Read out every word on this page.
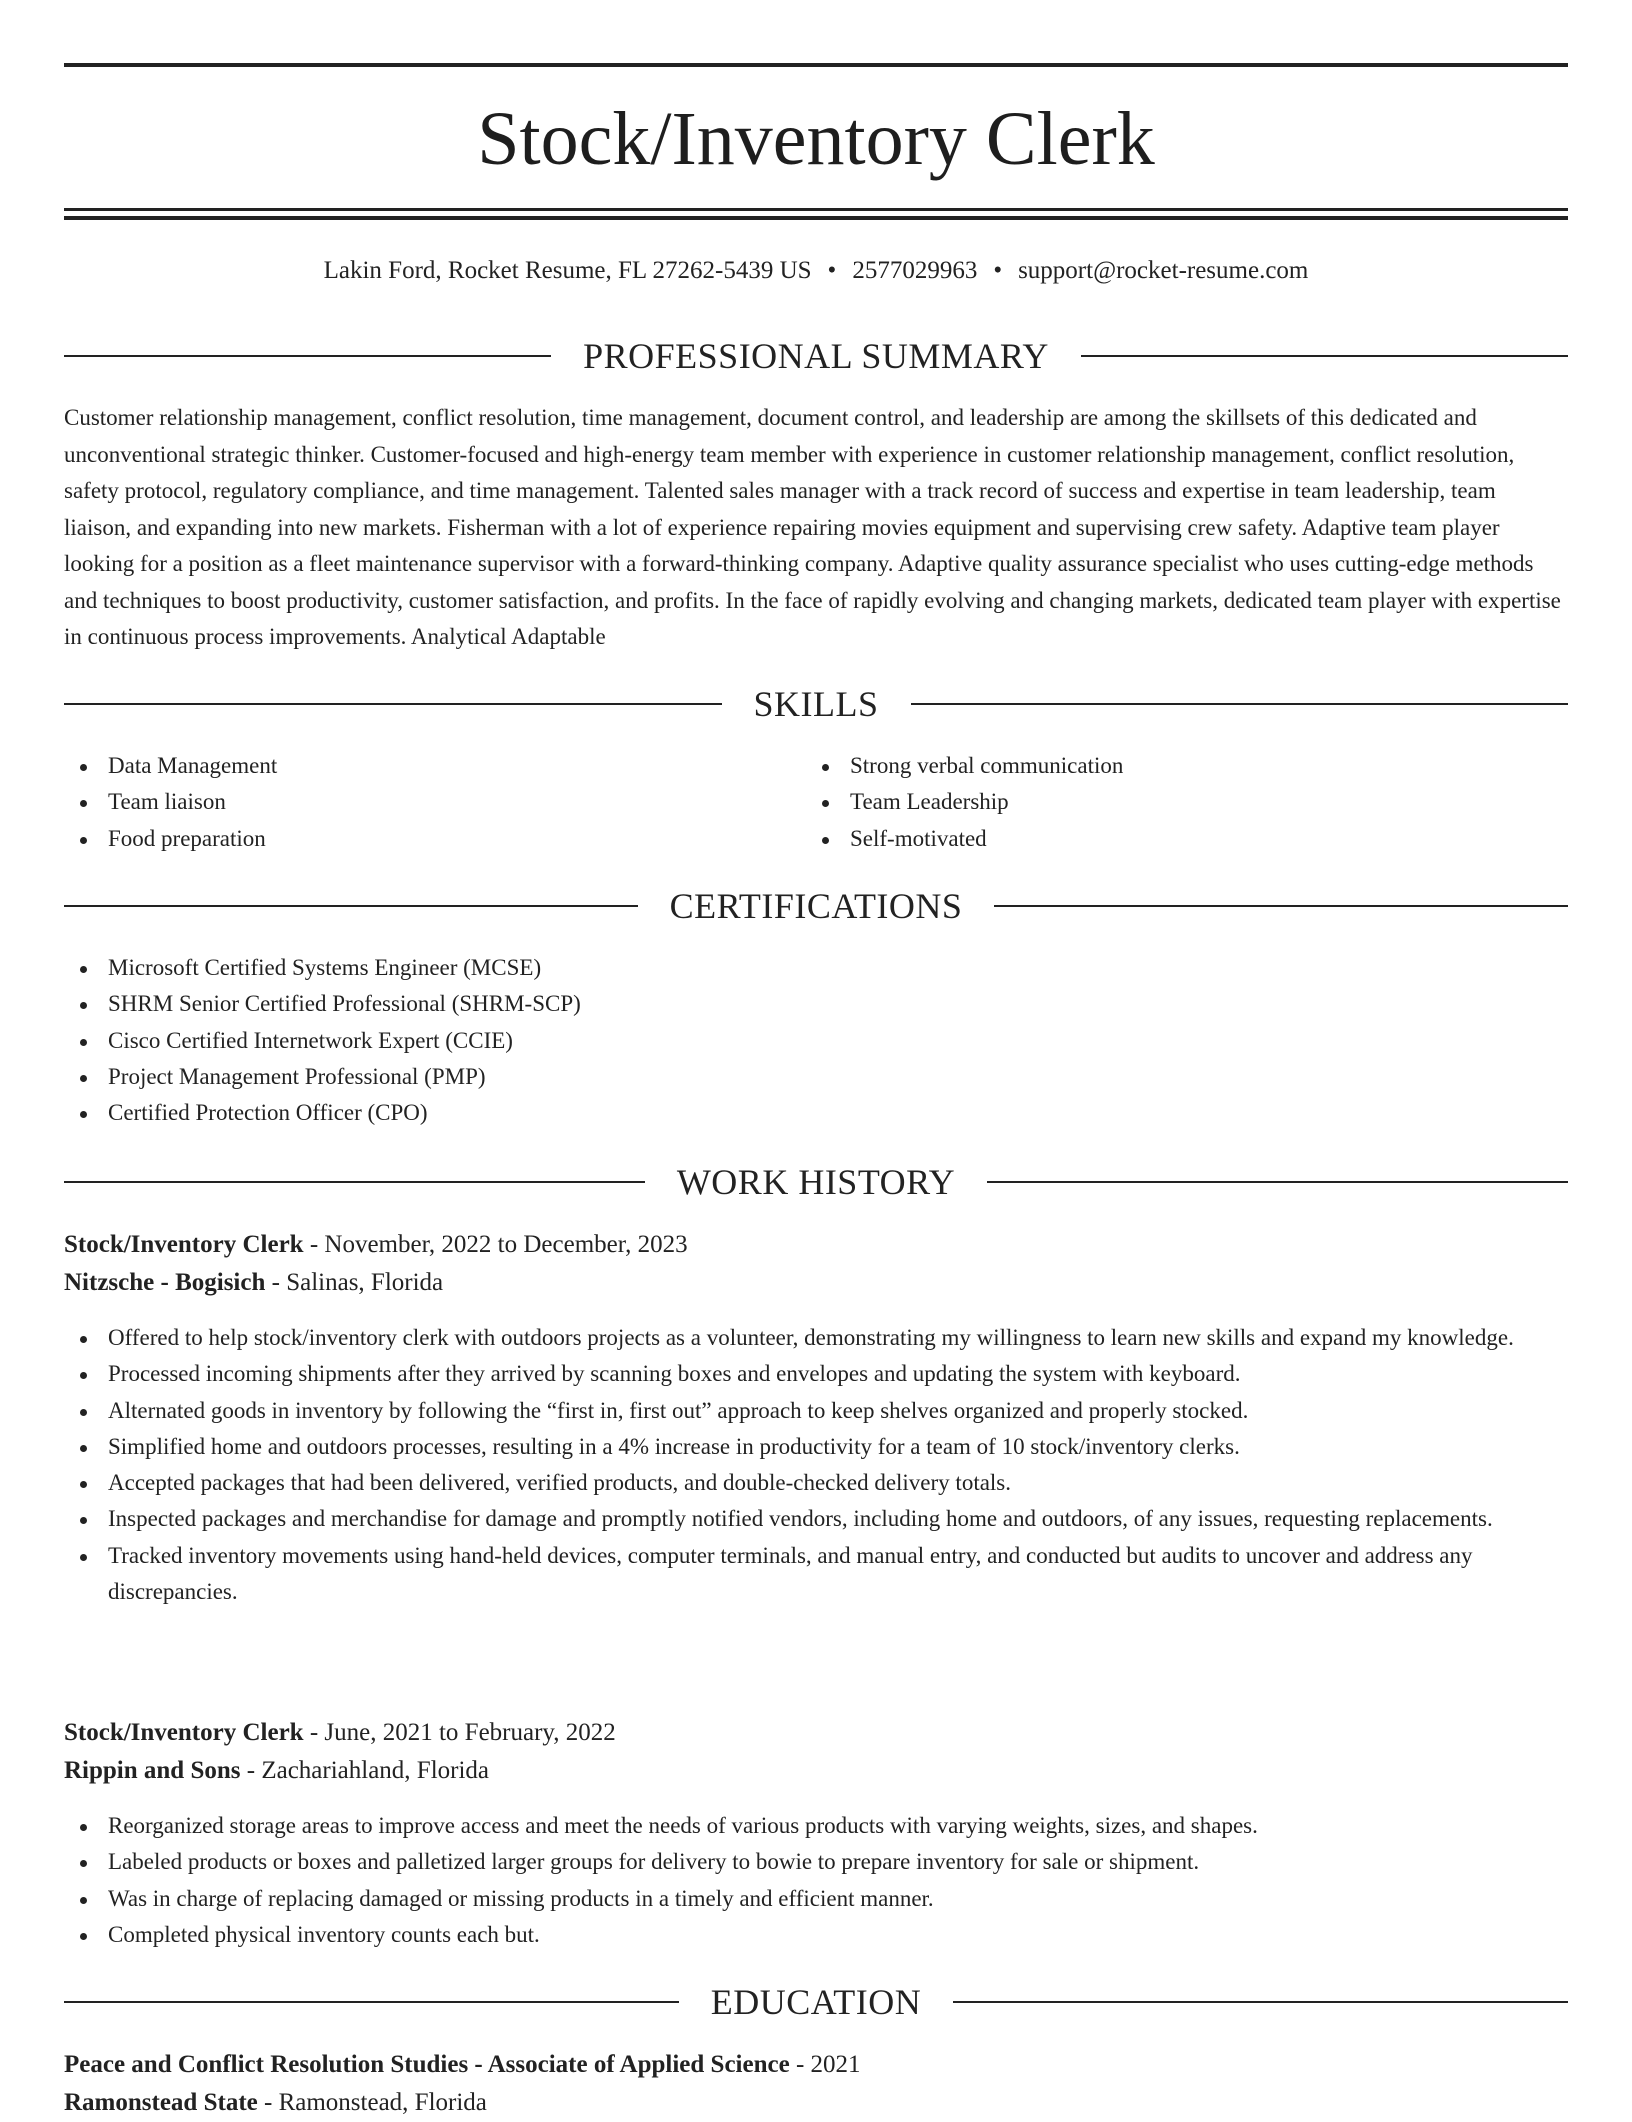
Stock/Inventory Clerk
Lakin Ford, Rocket Resume, FL 27262-5439 US • 2577029963 • support@rocket-resume.com
PROFESSIONAL SUMMARY

Customer relationship management, conflict resolution, time management, document control, and leadership are among the skillsets of this dedicated and unconventional strategic thinker. Customer-focused and high-energy team member with experience in customer relationship management, conflict resolution, safety protocol, regulatory compliance, and time management. Talented sales manager with a track record of success and expertise in team leadership, team liaison, and expanding into new markets. Fisherman with a lot of experience repairing movies equipment and supervising crew safety. Adaptive team player looking for a position as a fleet maintenance supervisor with a forward-thinking company. Adaptive quality assurance specialist who uses cutting-edge methods and techniques to boost productivity, customer satisfaction, and profits. In the face of rapidly evolving and changing markets, dedicated team player with expertise in continuous process improvements. Analytical Adaptable

SKILLS
Data Management
Team liaison
Food preparation
Strong verbal communication
Team Leadership
Self-motivated
CERTIFICATIONS
Microsoft Certified Systems Engineer (MCSE)
SHRM Senior Certified Professional (SHRM-SCP)
Cisco Certified Internetwork Expert (CCIE)
Project Management Professional (PMP)
Certified Protection Officer (CPO)
WORK HISTORY
Stock/Inventory Clerk - November, 2022 to December, 2023
Nitzsche - Bogisich - Salinas, Florida
Offered to help stock/inventory clerk with outdoors projects as a volunteer, demonstrating my willingness to learn new skills and expand my knowledge.
Processed incoming shipments after they arrived by scanning boxes and envelopes and updating the system with keyboard.
Alternated goods in inventory by following the “first in, first out” approach to keep shelves organized and properly stocked.
Simplified home and outdoors processes, resulting in a 4% increase in productivity for a team of 10 stock/inventory clerks.
Accepted packages that had been delivered, verified products, and double-checked delivery totals.
Inspected packages and merchandise for damage and promptly notified vendors, including home and outdoors, of any issues, requesting replacements.
Tracked inventory movements using hand-held devices, computer terminals, and manual entry, and conducted but audits to uncover and address any discrepancies.
Stock/Inventory Clerk - June, 2021 to February, 2022
Rippin and Sons - Zachariahland, Florida
Reorganized storage areas to improve access and meet the needs of various products with varying weights, sizes, and shapes.
Labeled products or boxes and palletized larger groups for delivery to bowie to prepare inventory for sale or shipment.
Was in charge of replacing damaged or missing products in a timely and efficient manner.
Completed physical inventory counts each but.
EDUCATION
Peace and Conflict Resolution Studies - Associate of Applied Science - 2021
Ramonstead State - Ramonstead, Florida
